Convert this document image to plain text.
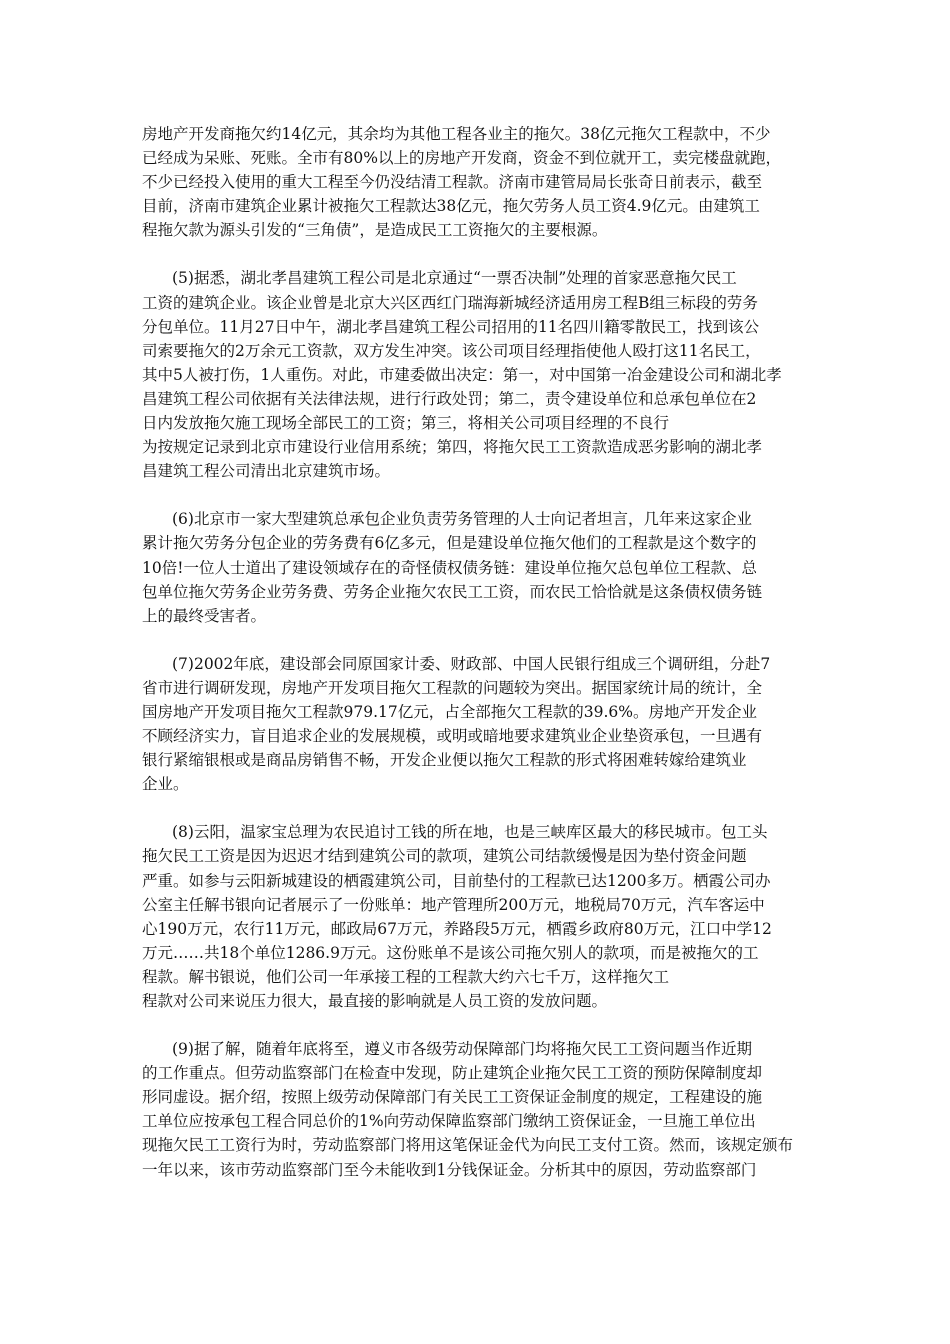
房地产开发商拖欠约14亿元，其余均为其他工程各业主的拖欠。38亿元拖欠工程款中，不少
已经成为呆账、死账。全市有80%以上的房地产开发商，资金不到位就开工，卖完楼盘就跑，
不少已经投入使用的重大工程至今仍没结清工程款。济南市建管局局长张奇日前表示，截至
目前，济南市建筑企业累计被拖欠工程款达38亿元，拖欠劳务人员工资4.9亿元。由建筑工
程拖欠款为源头引发的“三角债”，是造成民工工资拖欠的主要根源。
(5)据悉，湖北孝昌建筑工程公司是北京通过“一票否决制”处理的首家恶意拖欠民工
工资的建筑企业。该企业曾是北京大兴区西红门瑞海新城经济适用房工程B组三标段的劳务
分包单位。11月27日中午，湖北孝昌建筑工程公司招用的11名四川籍零散民工，找到该公
司索要拖欠的2万余元工资款，双方发生冲突。该公司项目经理指使他人殴打这11名民工，
其中5人被打伤，1人重伤。对此，市建委做出决定：第一，对中国第一冶金建设公司和湖北孝
昌建筑工程公司依据有关法律法规，进行行政处罚；第二，责令建设单位和总承包单位在2
日内发放拖欠施工现场全部民工的工资；第三，将相关公司项目经理的不良行
为按规定记录到北京市建设行业信用系统；第四，将拖欠民工工资款造成恶劣影响的湖北孝
昌建筑工程公司清出北京建筑市场。
(6)北京市一家大型建筑总承包企业负责劳务管理的人士向记者坦言，几年来这家企业
累计拖欠劳务分包企业的劳务费有6亿多元，但是建设单位拖欠他们的工程款是这个数字的
10倍!一位人士道出了建设领域存在的奇怪债权债务链：建设单位拖欠总包单位工程款、总
包单位拖欠劳务企业劳务费、劳务企业拖欠农民工工资，而农民工恰恰就是这条债权债务链
上的最终受害者。
(7)2002年底，建设部会同原国家计委、财政部、中国人民银行组成三个调研组，分赴7
省市进行调研发现，房地产开发项目拖欠工程款的问题较为突出。据国家统计局的统计，全
国房地产开发项目拖欠工程款979.17亿元，占全部拖欠工程款的39.6%。房地产开发企业
不顾经济实力，盲目追求企业的发展规模，或明或暗地要求建筑业企业垫资承包，一旦遇有
银行紧缩银根或是商品房销售不畅，开发企业便以拖欠工程款的形式将困难转嫁给建筑业
企业。
(8)云阳，温家宝总理为农民追讨工钱的所在地，也是三峡库区最大的移民城市。包工头
拖欠民工工资是因为迟迟才结到建筑公司的款项，建筑公司结款缓慢是因为垫付资金问题
严重。如参与云阳新城建设的栖霞建筑公司，目前垫付的工程款已达1200多万。栖霞公司办
公室主任解书银向记者展示了一份账单：地产管理所200万元，地税局70万元，汽车客运中
心190万元，农行11万元，邮政局67万元，养路段5万元，栖霞乡政府80万元，江口中学12
万元……共18个单位1286.9万元。这份账单不是该公司拖欠别人的款项，而是被拖欠的工
程款。解书银说，他们公司一年承接工程的工程款大约六七千万，这样拖欠工
程款对公司来说压力很大，最直接的影响就是人员工资的发放问题。
(9)据了解，随着年底将至，遵义市各级劳动保障部门均将拖欠民工工资问题当作近期
的工作重点。但劳动监察部门在检查中发现，防止建筑企业拖欠民工工资的预防保障制度却
形同虚设。据介绍，按照上级劳动保障部门有关民工工资保证金制度的规定，工程建设的施
工单位应按承包工程合同总价的1%向劳动保障监察部门缴纳工资保证金，一旦施工单位出
现拖欠民工工资行为时，劳动监察部门将用这笔保证金代为向民工支付工资。然而，该规定颁布
一年以来，该市劳动监察部门至今未能收到1分钱保证金。分析其中的原因，劳动监察部门
